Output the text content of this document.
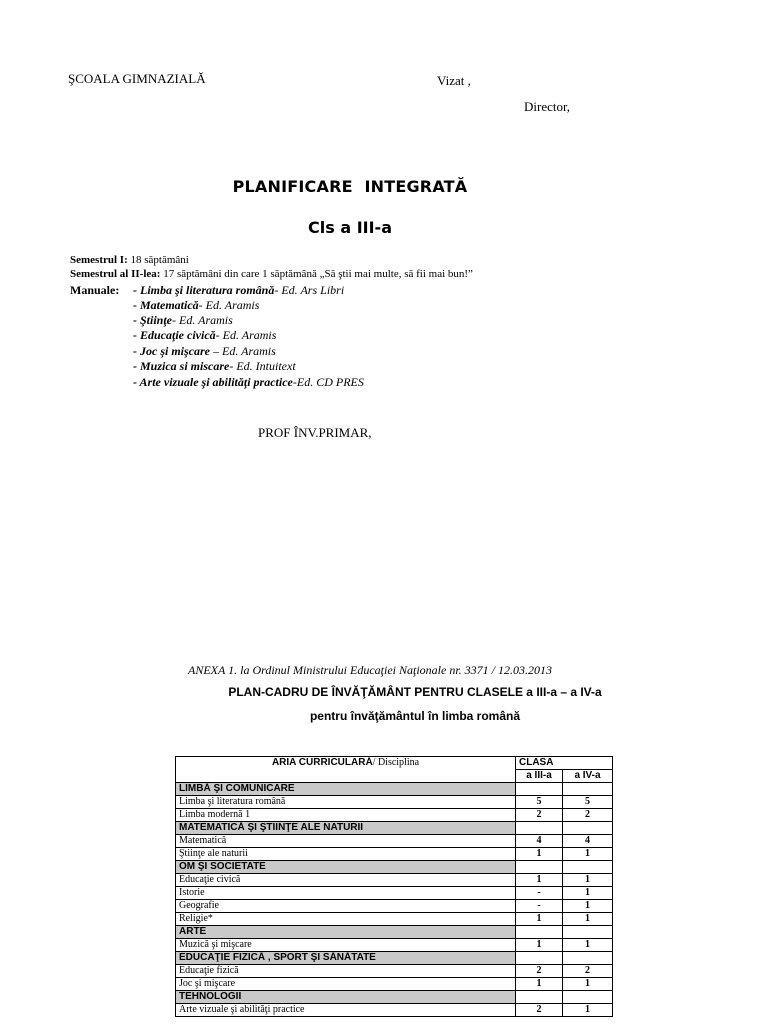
ŞCOALA GIMNAZIALĂ	Vizat ,
Director,
PLANIFICARE INTEGRATĂ
Cls a III-a
Semestrul I: 18 săptămâni
Semestrul al II-lea: 17 săptămâni din care 1 săptămână „Să ştii mai multe, să fii mai bun!”
Manuale: - Limba şi literatura română- Ed. Ars Libri
- Matematică- Ed. Aramis
- Ştiinţe- Ed. Aramis
- Educaţie civică- Ed. Aramis
- Joc şi mişcare – Ed. Aramis
- Muzica si miscare- Ed. Intuitext
- Arte vizuale şi abilităţi practice-Ed. CD PRES
PROF ÎNV.PRIMAR,
ANEXA 1. la Ordinul Ministrului Educaţiei Naţionale nr. 3371 / 12.03.2013
PLAN-CADRU DE ÎNVĂŢĂMÂNT PENTRU CLASELE a III-a – a IV-a
pentru învăţământul în limba română
ARIA CURRICULARĂ/ Disciplina	CLASA	
	a III-a	a IV-a
LIMBĂ ŞI COMUNICARE		
Limba şi literatura română	5	5
Limba modernă 1	2	2
MATEMATICĂ ŞI ŞTIINŢE ALE NATURII		
Matematică	4	4
Ştiinţe ale naturii	1	1
OM ŞI SOCIETATE		
Educaţie civică	1	1
Istorie	-	1
Geografie	-	1
Religie*	1	1
ARTE		
Muzică şi mişcare	1	1
EDUCAŢIE FIZICĂ , SPORT ŞI SĂNĂTATE		
Educaţie fizică	2	2
Joc şi mişcare	1	1
TEHNOLOGII		
Arte vizuale şi abilităţi practice	2	1
